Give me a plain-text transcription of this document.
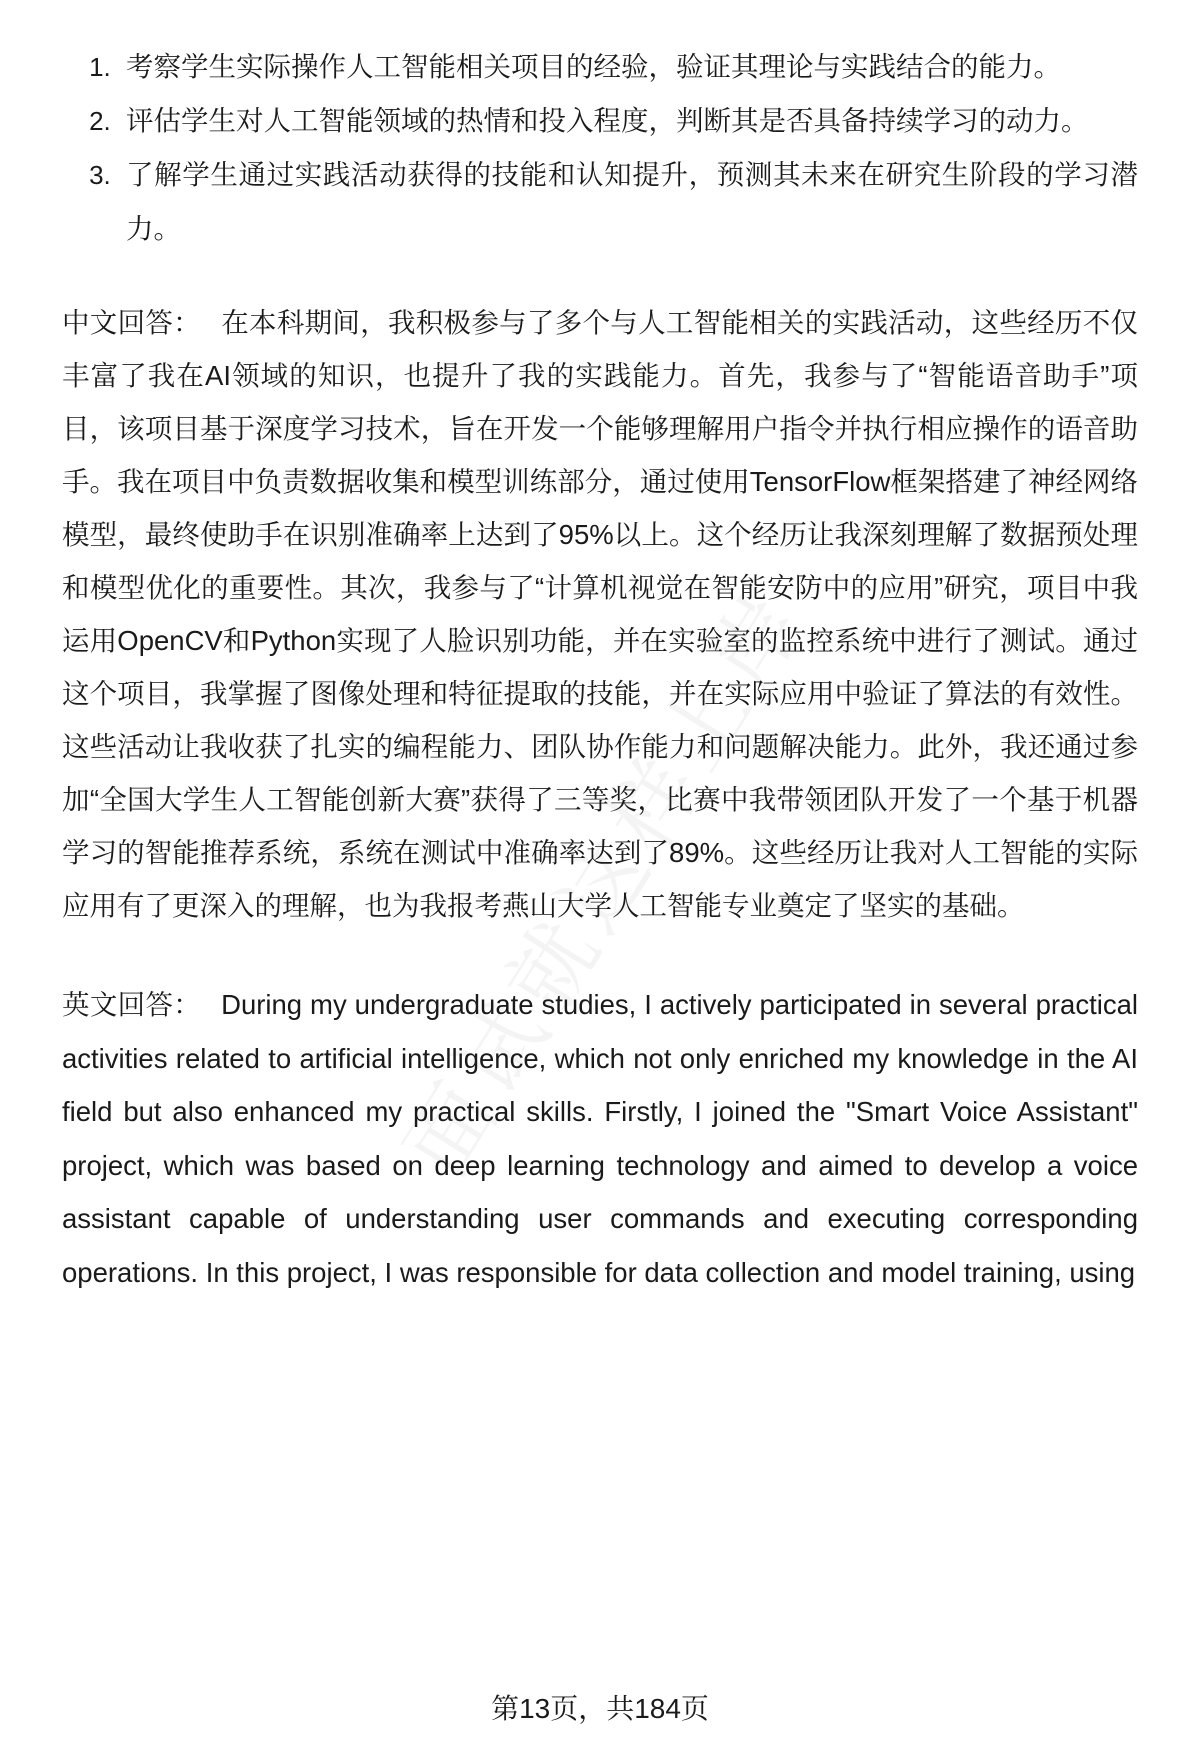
1. 考察学生实际操作人工智能相关项目的经验，验证其理论与实践结合的能力。
2. 评估学生对人工智能领域的热情和投入程度，判断其是否具备持续学习的动力。
3. 了解学生通过实践活动获得的技能和认知提升，预测其未来在研究生阶段的学习潜力。

中文回答： 在本科期间，我积极参与了多个与人工智能相关的实践活动，这些经历不仅丰富了我在AI领域的知识，也提升了我的实践能力。首先，我参与了“智能语音助手”项目，该项目基于深度学习技术，旨在开发一个能够理解用户指令并执行相应操作的语音助手。我在项目中负责数据收集和模型训练部分，通过使用TensorFlow框架搭建了神经网络模型，最终使助手在识别准确率上达到了95%以上。这个经历让我深刻理解了数据预处理和模型优化的重要性。其次，我参与了“计算机视觉在智能安防中的应用”研究，项目中我运用OpenCV和Python实现了人脸识别功能，并在实验室的监控系统中进行了测试。通过这个项目，我掌握了图像处理和特征提取的技能，并在实际应用中验证了算法的有效性。这些活动让我收获了扎实的编程能力、团队协作能力和问题解决能力。此外，我还通过参加“全国大学生人工智能创新大赛”获得了三等奖，比赛中我带领团队开发了一个基于机器学习的智能推荐系统，系统在测试中准确率达到了89%。这些经历让我对人工智能的实际应用有了更深入的理解，也为我报考燕山大学人工智能专业奠定了坚实的基础。

英文回答： During my undergraduate studies, I actively participated in several practical activities related to artificial intelligence, which not only enriched my knowledge in the AI field but also enhanced my practical skills. Firstly, I joined the "Smart Voice Assistant" project, which was based on deep learning technology and aimed to develop a voice assistant capable of understanding user commands and executing corresponding operations. In this project, I was responsible for data collection and model training, using

第13页，共184页
